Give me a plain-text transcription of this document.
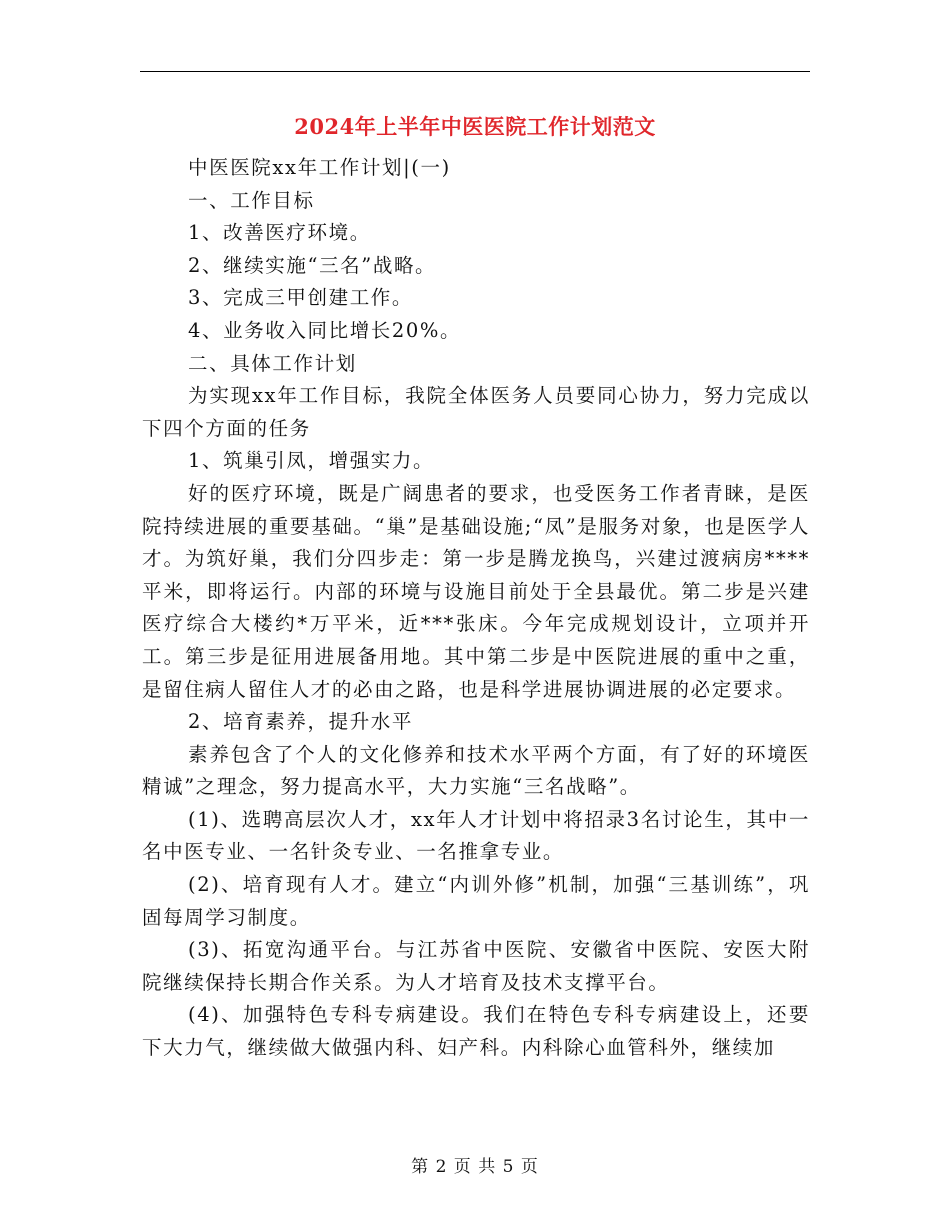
2024年上半年中医医院工作计划范文

中医医院xx年工作计划|(一)

一、工作目标

1、改善医疗环境。

2、继续实施“三名”战略。

3、完成三甲创建工作。

4、业务收入同比增长20%。

二、具体工作计划

为实现xx年工作目标，我院全体医务人员要同心协力，努力完成以下四个方面的任务

1、筑巢引凤，增强实力。

好的医疗环境，既是广阔患者的要求，也受医务工作者青睐，是医院持续进展的重要基础。“巢”是基础设施;“凤”是服务对象，也是医学人才。为筑好巢，我们分四步走：第一步是腾龙换鸟，兴建过渡病房****平米，即将运行。内部的环境与设施目前处于全县最优。第二步是兴建医疗综合大楼约*万平米，近***张床。今年完成规划设计，立项并开工。第三步是征用进展备用地。其中第二步是中医院进展的重中之重，是留住病人留住人才的必由之路，也是科学进展协调进展的必定要求。

2、培育素养，提升水平

素养包含了个人的文化修养和技术水平两个方面，有了好的环境医精诚”之理念，努力提高水平，大力实施“三名战略”。

(1)、选聘高层次人才，xx年人才计划中将招录3名讨论生，其中一名中医专业、一名针灸专业、一名推拿专业。

(2)、培育现有人才。建立“内训外修”机制，加强“三基训练”，巩固每周学习制度。

(3)、拓宽沟通平台。与江苏省中医院、安徽省中医院、安医大附院继续保持长期合作关系。为人才培育及技术支撑平台。

(4)、加强特色专科专病建设。我们在特色专科专病建设上，还要下大力气，继续做大做强内科、妇产科。内科除心血管科外，继续加

第 2 页 共 5 页
